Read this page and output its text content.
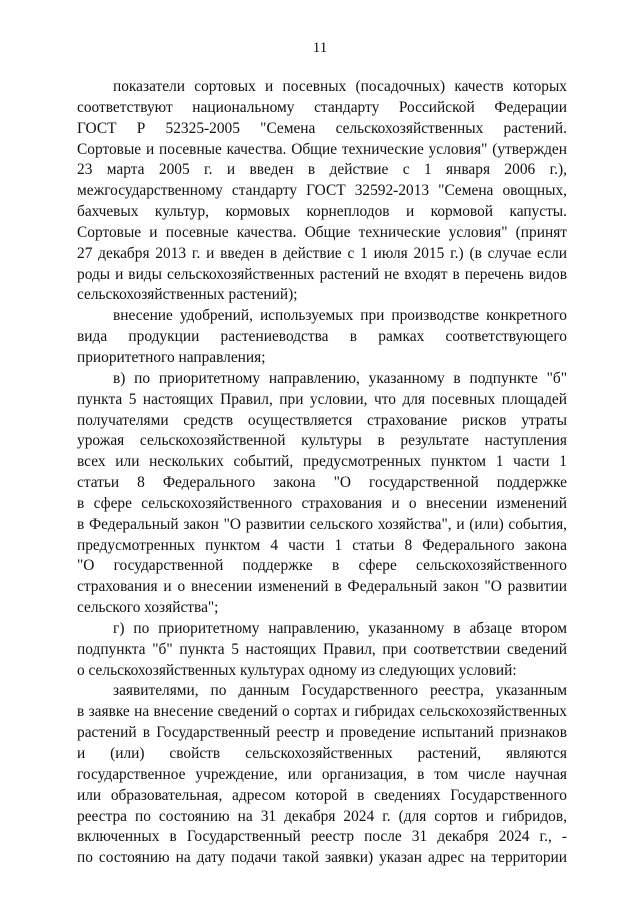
11
показатели сортовых и посевных (посадочных) качеств которых
соответствуют национальному стандарту Российской Федерации
ГОСТ Р 52325-2005 "Семена сельскохозяйственных растений.
Сортовые и посевные качества. Общие технические условия" (утвержден
23 марта 2005 г. и введен в действие с 1 января 2006 г.),
межгосударственному стандарту ГОСТ 32592-2013 "Семена овощных,
бахчевых культур, кормовых корнеплодов и кормовой капусты.
Сортовые и посевные качества. Общие технические условия" (принят
27 декабря 2013 г. и введен в действие с 1 июля 2015 г.) (в случае если
роды и виды сельскохозяйственных растений не входят в перечень видов
сельскохозяйственных растений);
внесение удобрений, используемых при производстве конкретного
вида продукции растениеводства в рамках соответствующего
приоритетного направления;
в) по приоритетному направлению, указанному в подпункте "б"
пункта 5 настоящих Правил, при условии, что для посевных площадей
получателями средств осуществляется страхование рисков утраты
урожая сельскохозяйственной культуры в результате наступления
всех или нескольких событий, предусмотренных пунктом 1 части 1
статьи 8 Федерального закона "О государственной поддержке
в сфере сельскохозяйственного страхования и о внесении изменений
в Федеральный закон "О развитии сельского хозяйства", и (или) события,
предусмотренных пунктом 4 части 1 статьи 8 Федерального закона
"О государственной поддержке в сфере сельскохозяйственного
страхования и о внесении изменений в Федеральный закон "О развитии
сельского хозяйства";
г) по приоритетному направлению, указанному в абзаце втором
подпункта "б" пункта 5 настоящих Правил, при соответствии сведений
о сельскохозяйственных культурах одному из следующих условий:
заявителями, по данным Государственного реестра, указанным
в заявке на внесение сведений о сортах и гибридах сельскохозяйственных
растений в Государственный реестр и проведение испытаний признаков
и (или) свойств сельскохозяйственных растений, являются
государственное учреждение, или организация, в том числе научная
или образовательная, адресом которой в сведениях Государственного
реестра по состоянию на 31 декабря 2024 г. (для сортов и гибридов,
включенных в Государственный реестр после 31 декабря 2024 г., -
по состоянию на дату подачи такой заявки) указан адрес на территории
